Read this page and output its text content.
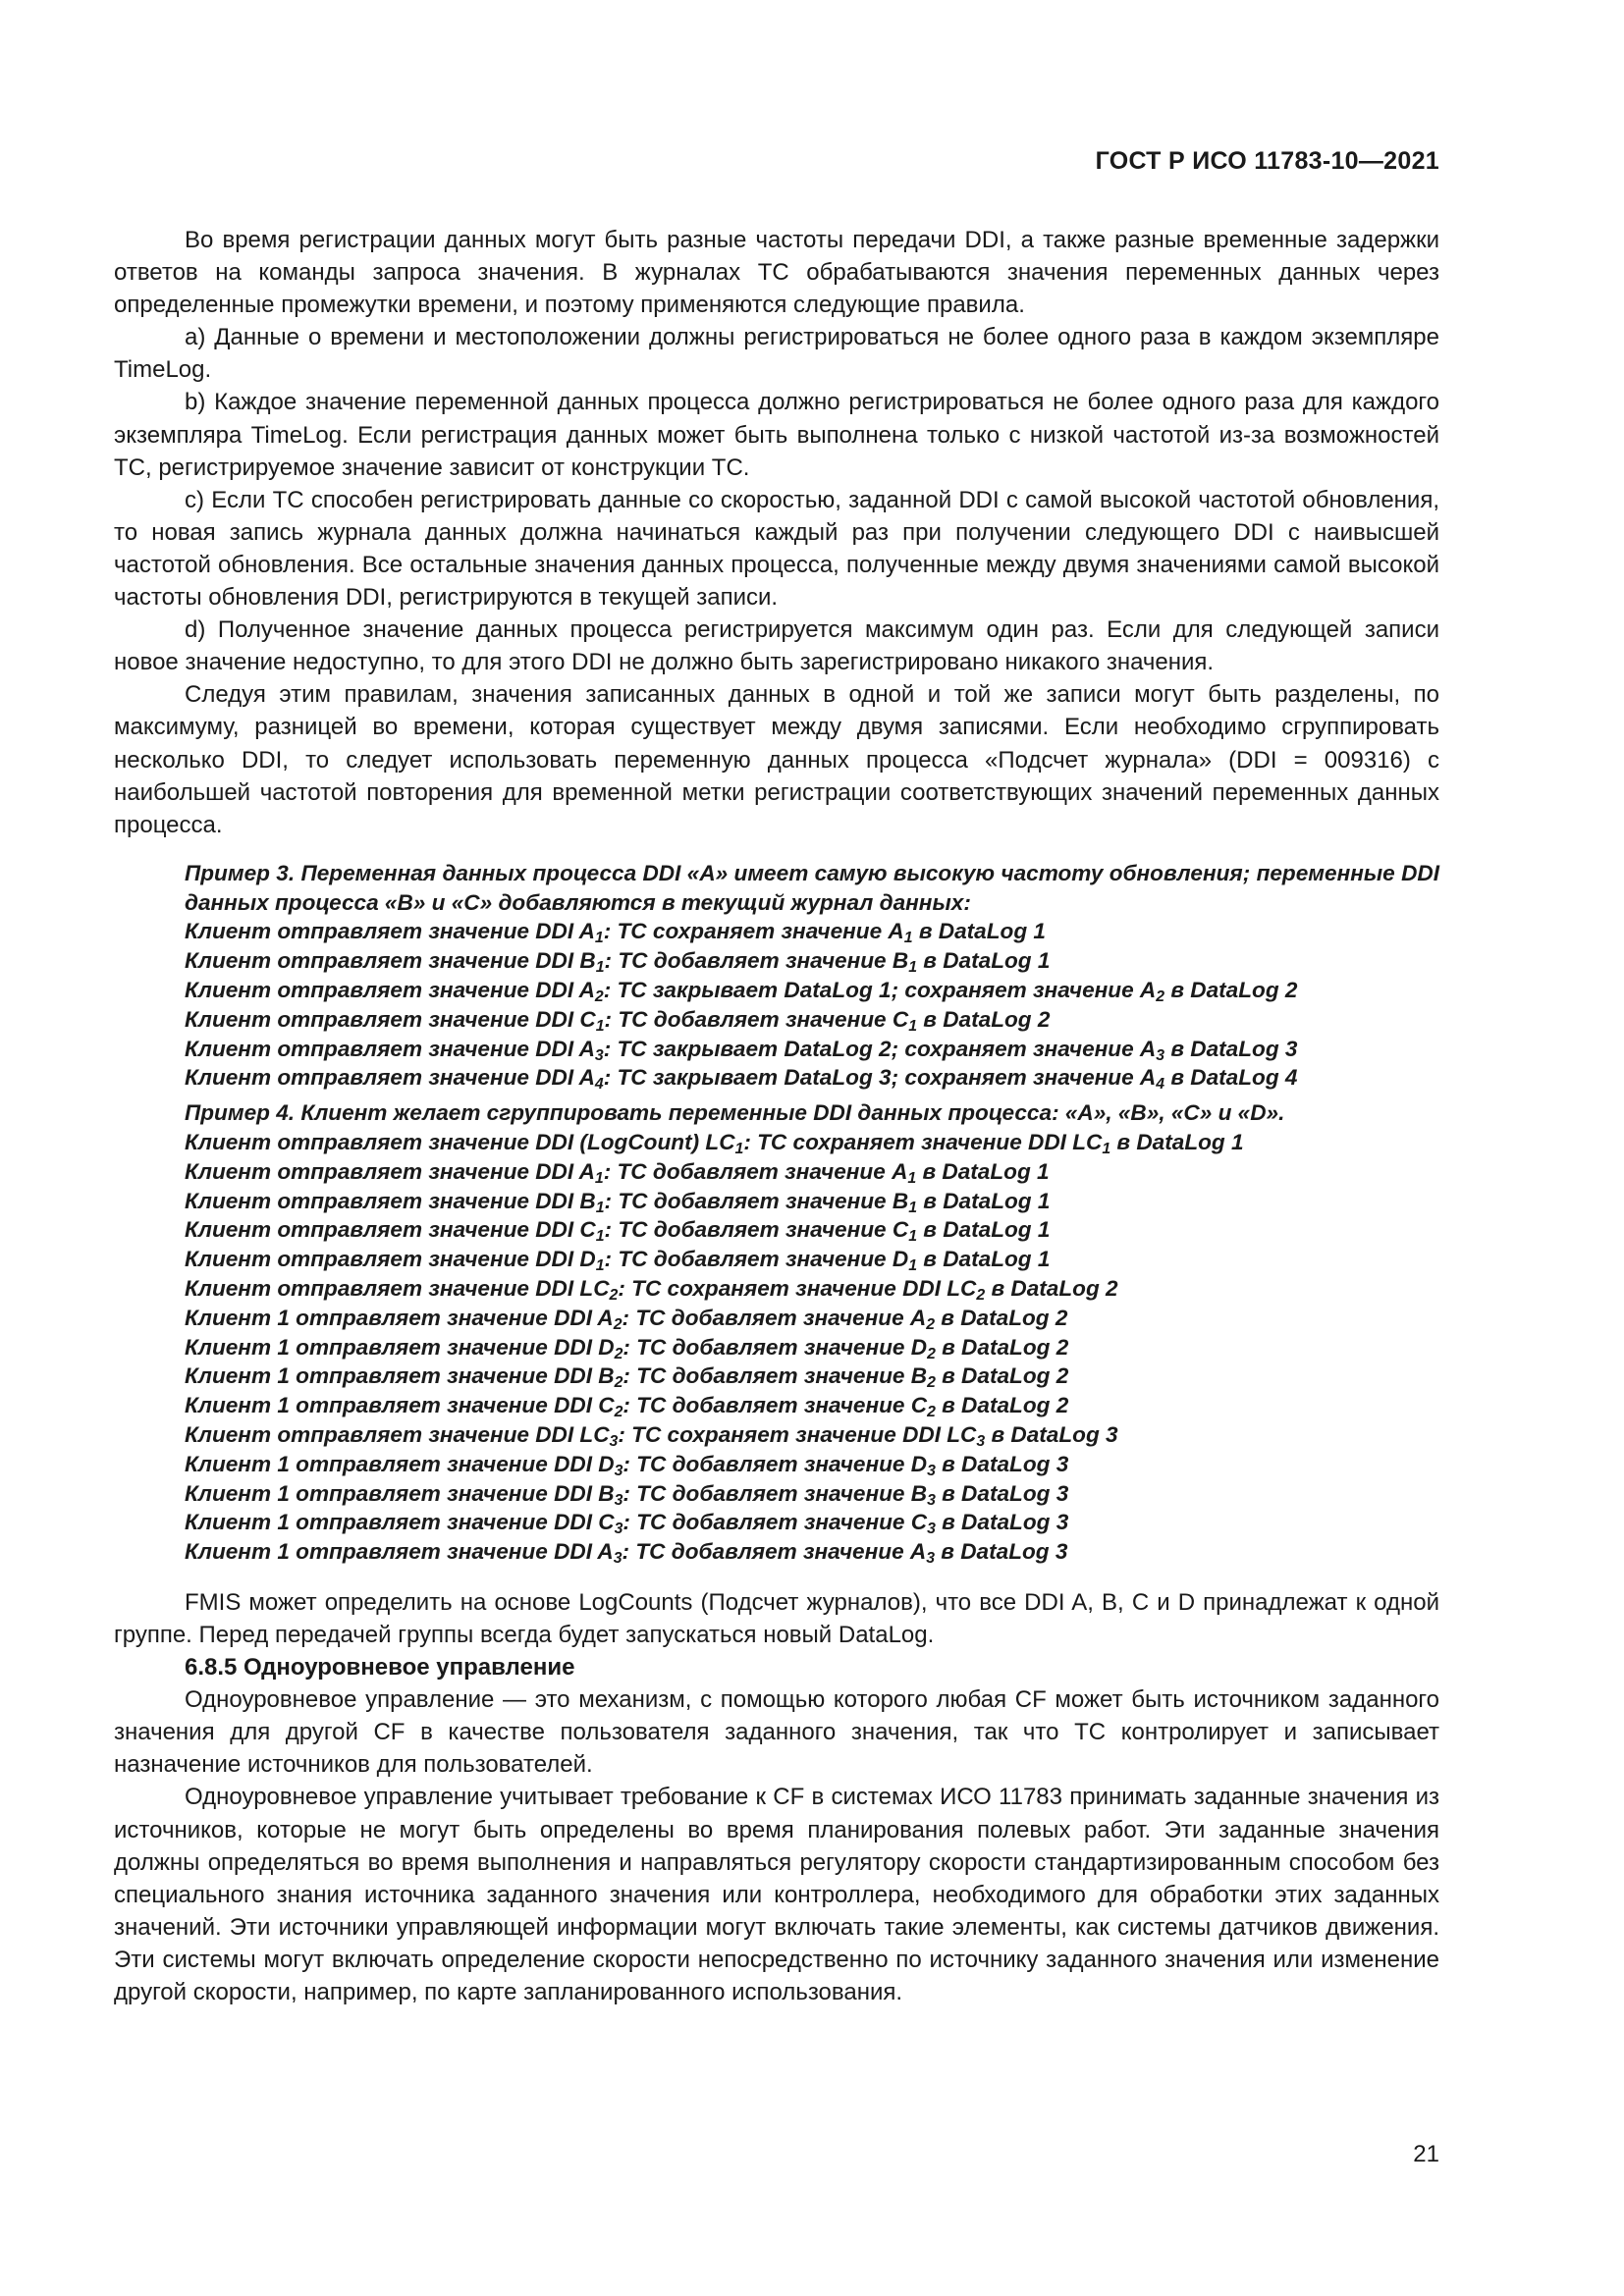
ГОСТ Р ИСО 11783-10—2021

Во время регистрации данных могут быть разные частоты передачи DDI, а также разные временные задержки ответов на команды запроса значения. В журналах ТС обрабатываются значения переменных данных через определенные промежутки времени, и поэтому применяются следующие правила.

a) Данные о времени и местоположении должны регистрироваться не более одного раза в каждом экземпляре TimeLog.

b) Каждое значение переменной данных процесса должно регистрироваться не более одного раза для каждого экземпляра TimeLog. Если регистрация данных может быть выполнена только с низкой частотой из-за возможностей ТС, регистрируемое значение зависит от конструкции ТС.

c) Если ТС способен регистрировать данные со скоростью, заданной DDI с самой высокой частотой обновления, то новая запись журнала данных должна начинаться каждый раз при получении следующего DDI с наивысшей частотой обновления. Все остальные значения данных процесса, полученные между двумя значениями самой высокой частоты обновления DDI, регистрируются в текущей записи.

d) Полученное значение данных процесса регистрируется максимум один раз. Если для следующей записи новое значение недоступно, то для этого DDI не должно быть зарегистрировано никакого значения.

Следуя этим правилам, значения записанных данных в одной и той же записи могут быть разделены, по максимуму, разницей во времени, которая существует между двумя записями. Если необходимо сгруппировать несколько DDI, то следует использовать переменную данных процесса «Подсчет журнала» (DDI = 009316) с наибольшей частотой повторения для временной метки регистрации соответствующих значений переменных данных процесса.

Пример 3. Переменная данных процесса DDI «A» имеет самую высокую частоту обновления; переменные DDI данных процесса «B» и «C» добавляются в текущий журнал данных:
Клиент отправляет значение DDI $A_1$: ТС сохраняет значение $A_1$ в DataLog 1
Клиент отправляет значение DDI $B_1$: ТС добавляет значение $B_1$ в DataLog 1
Клиент отправляет значение DDI $A_2$: ТС закрывает DataLog 1; сохраняет значение $A_2$ в DataLog 2
Клиент отправляет значение DDI $C_1$: ТС добавляет значение $C_1$ в DataLog 2
Клиент отправляет значение DDI $A_3$: ТС закрывает DataLog 2; сохраняет значение $A_3$ в DataLog 3
Клиент отправляет значение DDI $A_4$: ТС закрывает DataLog 3; сохраняет значение $A_4$ в DataLog 4
Пример 4. Клиент желает сгруппировать переменные DDI данных процесса: «A», «B», «C» и «D».
Клиент отправляет значение DDI (LogCount) $LC_1$: ТС сохраняет значение DDI $LC_1$ в DataLog 1
Клиент отправляет значение DDI $A_1$: ТС добавляет значение $A_1$ в DataLog 1
Клиент отправляет значение DDI $B_1$: ТС добавляет значение $B_1$ в DataLog 1
Клиент отправляет значение DDI $C_1$: ТС добавляет значение $C_1$ в DataLog 1
Клиент отправляет значение DDI $D_1$: ТС добавляет значение $D_1$ в DataLog 1
Клиент отправляет значение DDI $LC_2$: ТС сохраняет значение DDI $LC_2$ в DataLog 2
Клиент 1 отправляет значение DDI $A_2$: ТС добавляет значение $A_2$ в DataLog 2
Клиент 1 отправляет значение DDI $D_2$: ТС добавляет значение $D_2$ в DataLog 2
Клиент 1 отправляет значение DDI $B_2$: ТС добавляет значение $B_2$ в DataLog 2
Клиент 1 отправляет значение DDI $C_2$: ТС добавляет значение $C_2$ в DataLog 2
Клиент отправляет значение DDI $LC_3$: ТС сохраняет значение DDI $LC_3$ в DataLog 3
Клиент 1 отправляет значение DDI $D_3$: ТС добавляет значение $D_3$ в DataLog 3
Клиент 1 отправляет значение DDI $B_3$: ТС добавляет значение $B_3$ в DataLog 3
Клиент 1 отправляет значение DDI $C_3$: ТС добавляет значение $C_3$ в DataLog 3
Клиент 1 отправляет значение DDI $A_3$: ТС добавляет значение $A_3$ в DataLog 3

FMIS может определить на основе LogCounts (Подсчет журналов), что все DDI A, B, C и D принадлежат к одной группе. Перед передачей группы всегда будет запускаться новый DataLog.

6.8.5 Одноуровневое управление

Одноуровневое управление — это механизм, с помощью которого любая CF может быть источником заданного значения для другой CF в качестве пользователя заданного значения, так что ТС контролирует и записывает назначение источников для пользователей.

Одноуровневое управление учитывает требование к CF в системах ИСО 11783 принимать заданные значения из источников, которые не могут быть определены во время планирования полевых работ. Эти заданные значения должны определяться во время выполнения и направляться регулятору скорости стандартизированным способом без специального знания источника заданного значения или контроллера, необходимого для обработки этих заданных значений. Эти источники управляющей информации могут включать такие элементы, как системы датчиков движения. Эти системы могут включать определение скорости непосредственно по источнику заданного значения или изменение другой скорости, например, по карте запланированного использования.

21
